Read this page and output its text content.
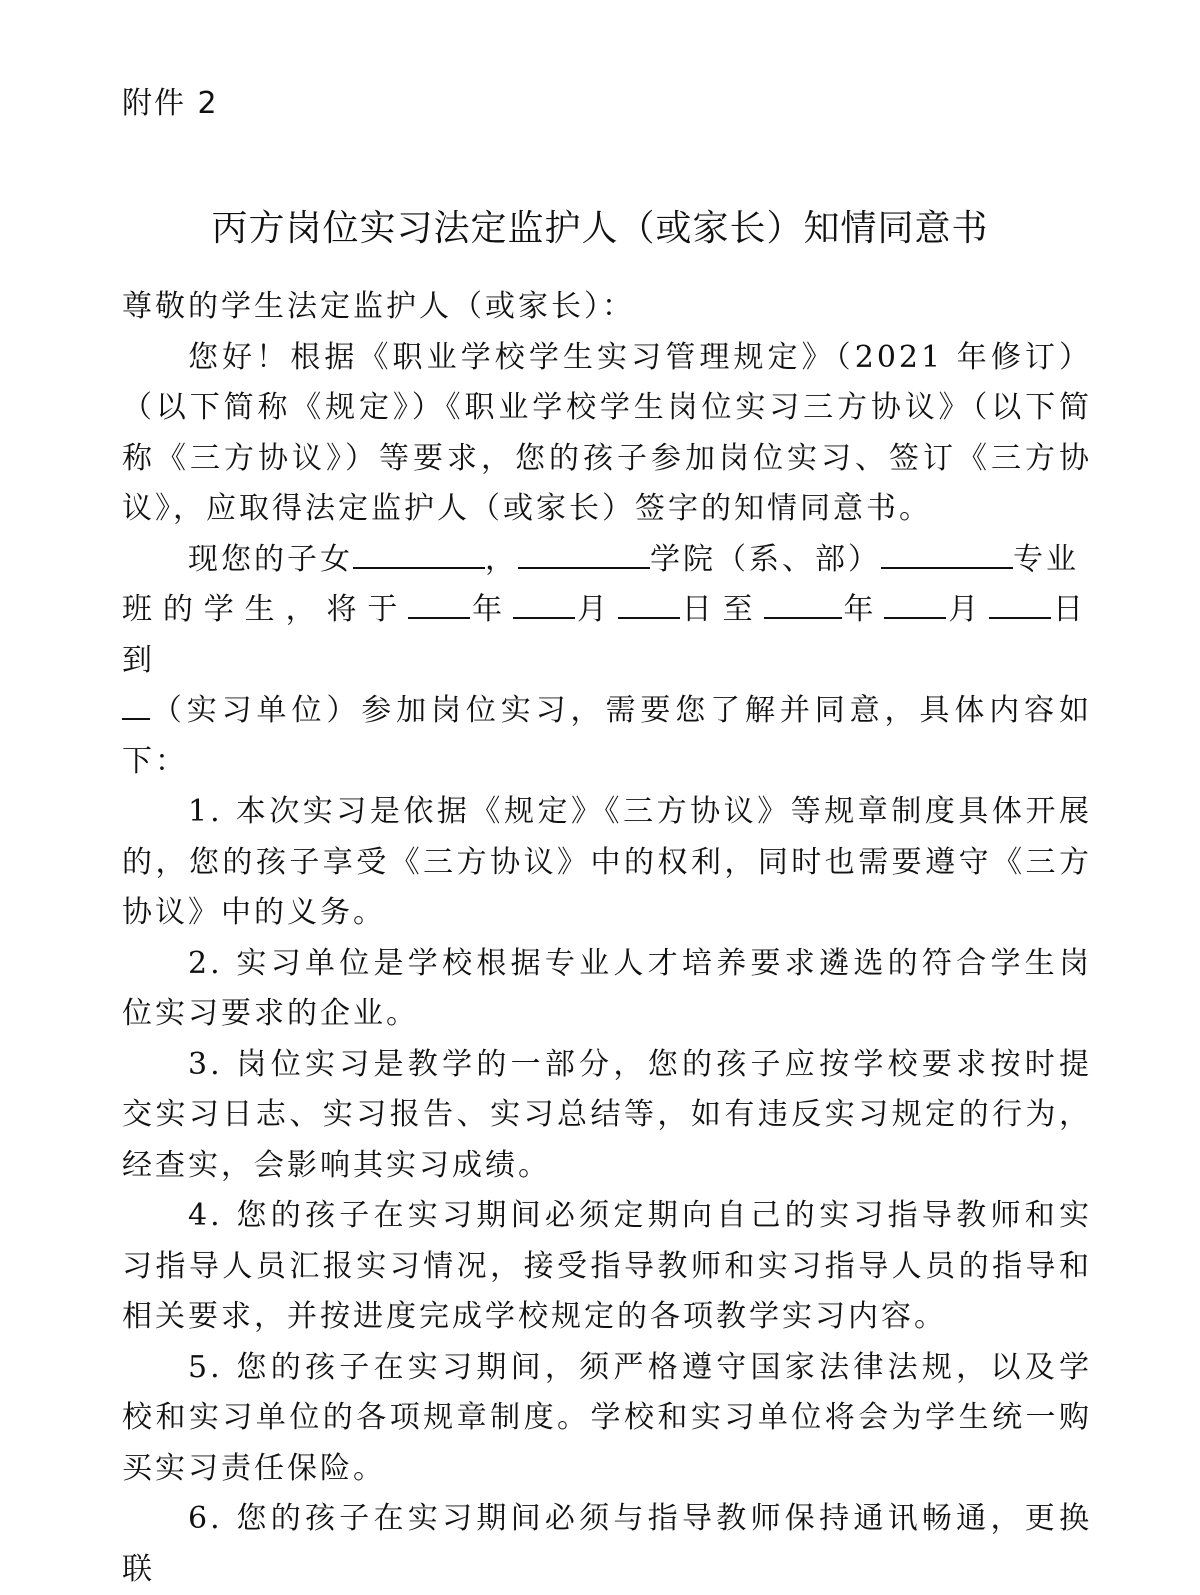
附件 2
丙方岗位实习法定监护人（或家长）知情同意书

尊敬的学生法定监护人（或家长）：

您好！根据《职业学校学生实习管理规定》（2021 年修订）（以下简称《规定》）《职业学校学生岗位实习三方协议》（以下简称《三方协议》）等要求，您的孩子参加岗位实习、签订《三方协议》，应取得法定监护人（或家长）签字的知情同意书。

现您的子女	，	学院（系、部）	专业
班的学生，将于 年 月 日至	年 月 日到
（实习单位）参加岗位实习，需要您了解并同意，具体内容如下：

1. 本次实习是依据《规定》《三方协议》等规章制度具体开展的，您的孩子享受《三方协议》中的权利，同时也需要遵守《三方协议》中的义务。

2. 实习单位是学校根据专业人才培养要求遴选的符合学生岗位实习要求的企业。

3. 岗位实习是教学的一部分，您的孩子应按学校要求按时提交实习日志、实习报告、实习总结等，如有违反实习规定的行为，经查实，会影响其实习成绩。

4. 您的孩子在实习期间必须定期向自己的实习指导教师和实习指导人员汇报实习情况，接受指导教师和实习指导人员的指导和相关要求，并按进度完成学校规定的各项教学实习内容。

5. 您的孩子在实习期间，须严格遵守国家法律法规，以及学校和实习单位的各项规章制度。学校和实习单位将会为学生统一购买实习责任保险。

6. 您的孩子在实习期间必须与指导教师保持通讯畅通，更换联
